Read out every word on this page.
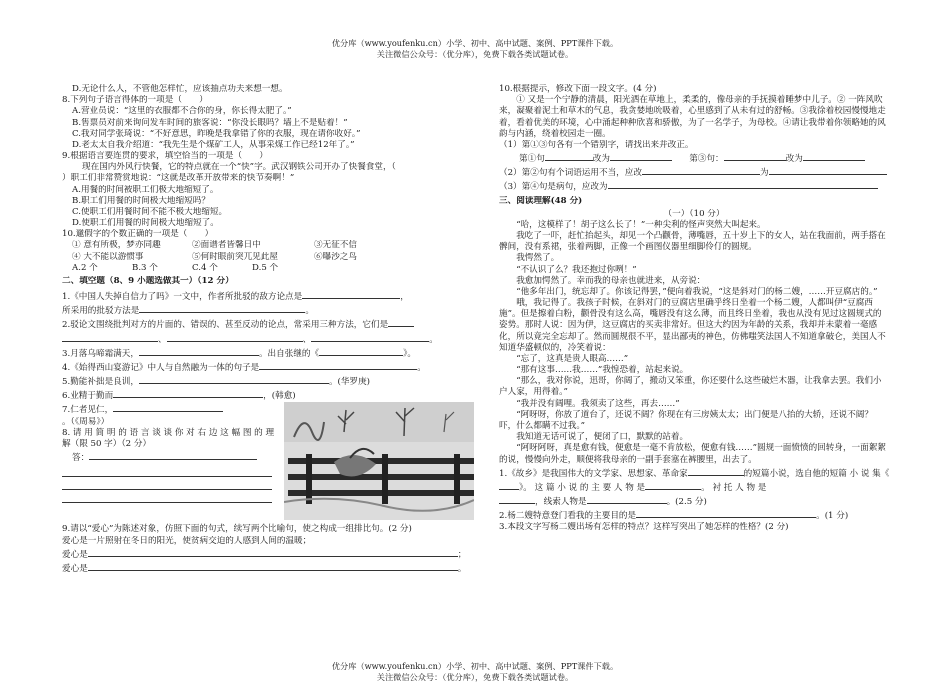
优分库（www.youfenku.cn）小学、初中、高中试题、案例、PPT课件下载。
关注微信公众号：（优分库），免费下载各类试题试卷。

D.无论什么人，不管他怎样忙，应该抽点功夫来想一想。

8.下列句子语言得体的一项是（　　）

A.营业员说：“这里的衣服都不合你的身，你长得太肥了。”

B.售票员对前来询问发车时间的旅客说：“你没长眼吗？墙上不是贴着！”

C.我对同学张琦说：“不好意思，昨晚是我拿错了你的衣服，现在请你收好。”

D.老太太自我介绍道：“我先生是个煤矿工人，从事采煤工作已经12年了。”

9.根据语言要连贯的要求，填空恰当的一项是（　　）

现在国内外风行快餐，它的特点就在一个“快”字。武汉钢铁公司开办了快餐食堂，（

）职工们非常赞赏地说：“这就是改革开放带来的快节奏啊！”

A.用餐的时间被职工们极大地缩短了。

B.职工们用餐的时间极大地缩短吗？

C.使职工们用餐时间不能不极大地缩短。

D.使职工们用餐的时间极大地缩短了。

10.邋假字的个数正确的一项是（　　）

① 意有所极，梦亦同趣	②面谱者皆馨日中	③无征不信
④ 大不能以游惯事	⑤何时眼前突兀见此屋	⑥曝沙之鸟
A.2 个	B.3 个	C.4 个	D.5 个

二、填空题（8、9 小题选做其一）（12 分）

1.《中国人失掉自信力了吗》一文中，作者所批驳的敌方论点是	，

所采用的批驳方法是	。

2.驳论文围绕批判对方的片面的、错误的、甚至反动的论点，常采用三种方法，它们是

、	、	。

3.月落乌啼霜满天，	。出自张继的《	》。

4.《始得西山宴游记》中人与自然融为一体的句子是	。

5.勤能补拙是良训，	。(华罗庚)

6.业精于勤而	，(韩愈)

7.仁者见仁，

。（《周易》）

8. 请 用 简 明 的 语 言 谈 谈 你 对 右 边 这 幅 图 的 理 解（限 50 字）（2 分）

答：

9.请以“爱心”为陈述对象，仿照下面的句式，续写两个比喻句，使之构成一组排比句。(2 分)

爱心是一片照射在冬日的阳光，使贫病交迫的人感到人间的温暖；

爱心是	；

爱心是	。

10.根据提示，修改下面一段文字。(4 分)

① 又是一个宁静的清晨，阳光洒在草地上，柔柔的，像母亲的手抚摸着睡梦中儿子。② 一阵风吹来，凝聚着泥土和草木的气息，我贪婪地吮吸着，心里感到了从未有过的舒畅。③我徐着校园慢慢地走着，看着优美的环境，心中涌起种种欣喜和骄傲，为了一名学子，为母校。④请让我带着你领略她的风韵与内涵，绕着校园走一圈。

（1）第①③句各有一个错别字，请找出来并改正。

第①句	改为　　	第③句：	改为

（2）第②句有个词语运用不当，应改	为

（3）第④句是病句，应改为

三、阅读理解(48 分)

（一）（10 分）

“哈，这模样了！胡子这么长了！”一种尖利的怪声突然大叫起来。

我吃了一吓，赶忙抬起头，却见一个凸颧骨，薄嘴唇，五十岁上下的女人，站在我面前，两手搭在髀间，没有系裙，张着两脚，正像一个画图仪器里细脚伶仃的圆规。

我愕然了。

“不认识了么？我还抱过你咧！”

我愈加愕然了。幸而我的母亲也就进来，从旁说：

“他多年出门，统忘却了。你该记得罢，”便向着我说，“这是斜对门的杨二嫂，……开豆腐店的。”

哦，我记得了。我孩子时候，在斜对门的豆腐店里确乎终日坐着一个杨二嫂，人都叫伊“豆腐西施”。但是擦着白粉，颧骨没有这么高，嘴唇没有这么薄，而且终日坐着，我也从没有见过这圆规式的姿势。那时人说：因为伊，这豆腐店的买卖非常好。但这大约因为年龄的关系，我却并未蒙着一毫感化，所以竟完全忘却了。然而圆规很不平，显出鄙夷的神色，仿佛嗤笑法国人不知道拿破仑，美国人不知道华盛顿似的，冷笑着说：

“忘了，这真是贵人眼高……”

“那有这事……我……”我惶恐着，站起来说。

“那么，我对你说，迅哥，你阔了，搬动又笨重，你还要什么这些破烂木器，让我拿去罢。我们小户人家，用得着。”

“我并没有阔哩。我须卖了这些，再去……”

“阿呀呀，你放了道台了，还说不阔？你现在有三房姨太太；出门便是八抬的大轿，还说不阔？吓，什么都瞒不过我。”

我知道无话可说了，便闭了口，默默的站着。

“阿呀阿呀，真是愈有钱，便愈是一毫不肯放松，便愈有钱……”圆规一面愤愤的回转身，一面絮絮的说，慢慢向外走，顺便将我母亲的一副手套塞在裤腰里，出去了。

1.《故乡》是我国伟大的文学家、思想家、革命家	的短篇小说，选自他的短篇 小 说 集《

》。 这 篇 小 说 的 主 要 人 物 是	。 衬 托 人 物 是

，线索人物是	。(2.5 分)

2.杨二嫂特意登门看我的主要目的是	。(1 分)

3.本段文字写杨二嫂出场有怎样的特点？这样写突出了她怎样的性格？(2 分)

优分库（www.youfenku.cn）小学、初中、高中试题、案例、PPT课件下载。
关注微信公众号：（优分库），免费下载各类试题试卷。
